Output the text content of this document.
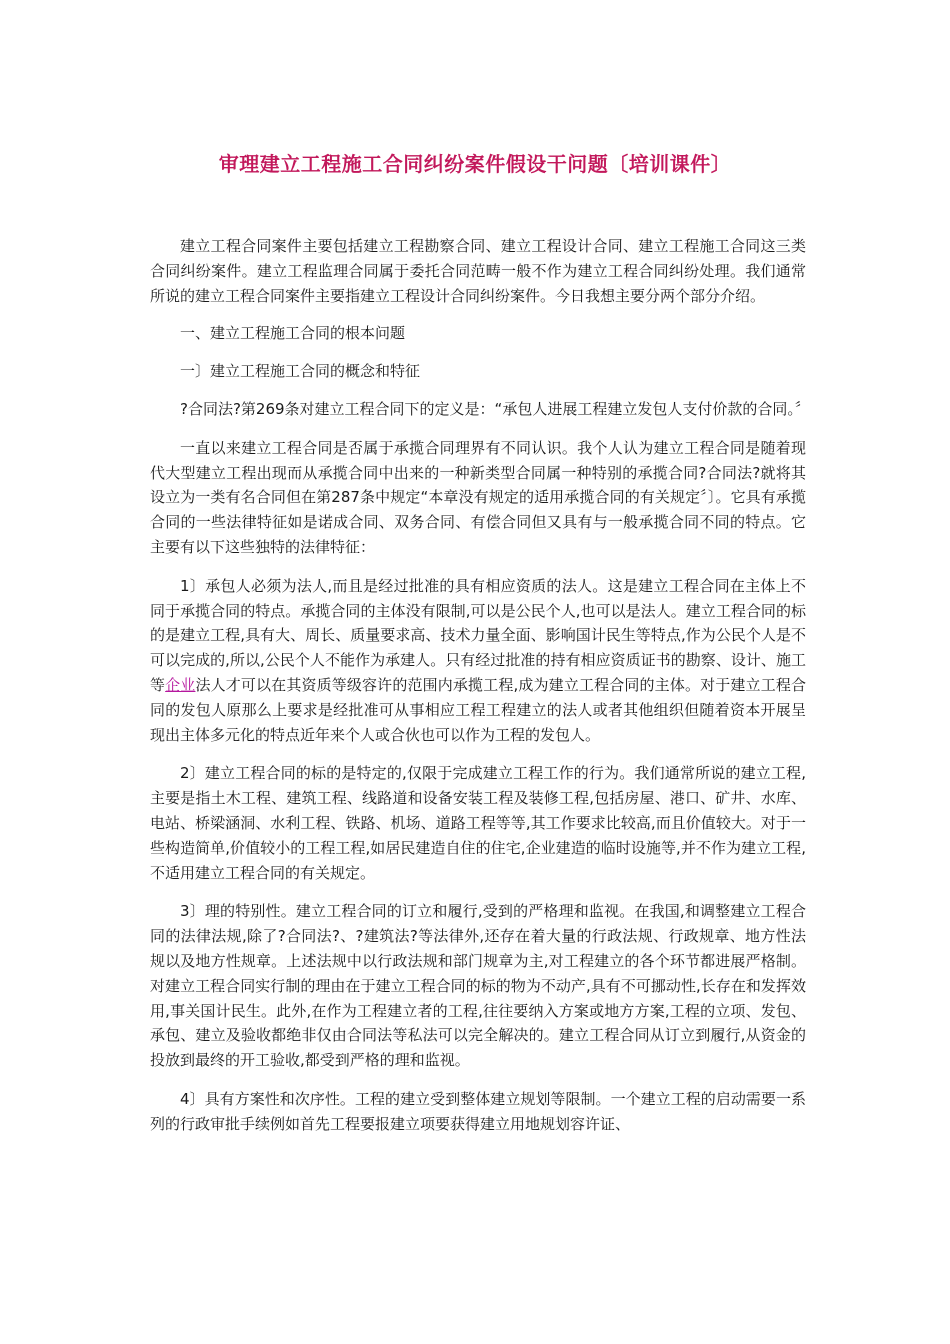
审理建立工程施工合同纠纷案件假设干问题〔培训课件〕

建立工程合同案件主要包括建立工程勘察合同、建立工程设计合同、建立工程施工合同这三类合同纠纷案件。建立工程监理合同属于委托合同范畴一般不作为建立工程合同纠纷处理。我们通常所说的建立工程合同案件主要指建立工程设计合同纠纷案件。今日我想主要分两个部分介绍。

一、建立工程施工合同的根本问题

一〕建立工程施工合同的概念和特征

?合同法?第269条对建立工程合同下的定义是：“承包人进展工程建立发包人支付价款的合同。〞

一直以来建立工程合同是否属于承揽合同理界有不同认识。我个人认为建立工程合同是随着现代大型建立工程出现而从承揽合同中出来的一种新类型合同属一种特别的承揽合同?合同法?就将其设立为一类有名合同但在第287条中规定“本章没有规定的适用承揽合同的有关规定〞〕。它具有承揽合同的一些法律特征如是诺成合同、双务合同、有偿合同但又具有与一般承揽合同不同的特点。它主要有以下这些独特的法律特征：

1〕承包人必须为法人,而且是经过批准的具有相应资质的法人。这是建立工程合同在主体上不同于承揽合同的特点。承揽合同的主体没有限制,可以是公民个人,也可以是法人。建立工程合同的标的是建立工程,具有大、周长、质量要求高、技术力量全面、影响国计民生等特点,作为公民个人是不可以完成的,所以,公民个人不能作为承建人。只有经过批准的持有相应资质证书的勘察、设计、施工等企业法人才可以在其资质等级容许的范围内承揽工程,成为建立工程合同的主体。对于建立工程合同的发包人原那么上要求是经批准可从事相应工程工程建立的法人或者其他组织但随着资本开展呈现出主体多元化的特点近年来个人或合伙也可以作为工程的发包人。

2〕建立工程合同的标的是特定的,仅限于完成建立工程工作的行为。我们通常所说的建立工程,主要是指土木工程、建筑工程、线路道和设备安装工程及装修工程,包括房屋、港口、矿井、水库、电站、桥梁涵洞、水利工程、铁路、机场、道路工程等等,其工作要求比较高,而且价值较大。对于一些构造简单,价值较小的工程工程,如居民建造自住的住宅,企业建造的临时设施等,并不作为建立工程,不适用建立工程合同的有关规定。

3〕理的特别性。建立工程合同的订立和履行,受到的严格理和监视。在我国,和调整建立工程合同的法律法规,除了?合同法?、?建筑法?等法律外,还存在着大量的行政法规、行政规章、地方性法规以及地方性规章。上述法规中以行政法规和部门规章为主,对工程建立的各个环节都进展严格制。对建立工程合同实行制的理由在于建立工程合同的标的物为不动产,具有不可挪动性,长存在和发挥效用,事关国计民生。此外,在作为工程建立者的工程,往往要纳入方案或地方方案,工程的立项、发包、承包、建立及验收都绝非仅由合同法等私法可以完全解决的。建立工程合同从订立到履行,从资金的投放到最终的开工验收,都受到严格的理和监视。

4〕具有方案性和次序性。工程的建立受到整体建立规划等限制。一个建立工程的启动需要一系列的行政审批手续例如首先工程要报建立项要获得建立用地规划容许证、
